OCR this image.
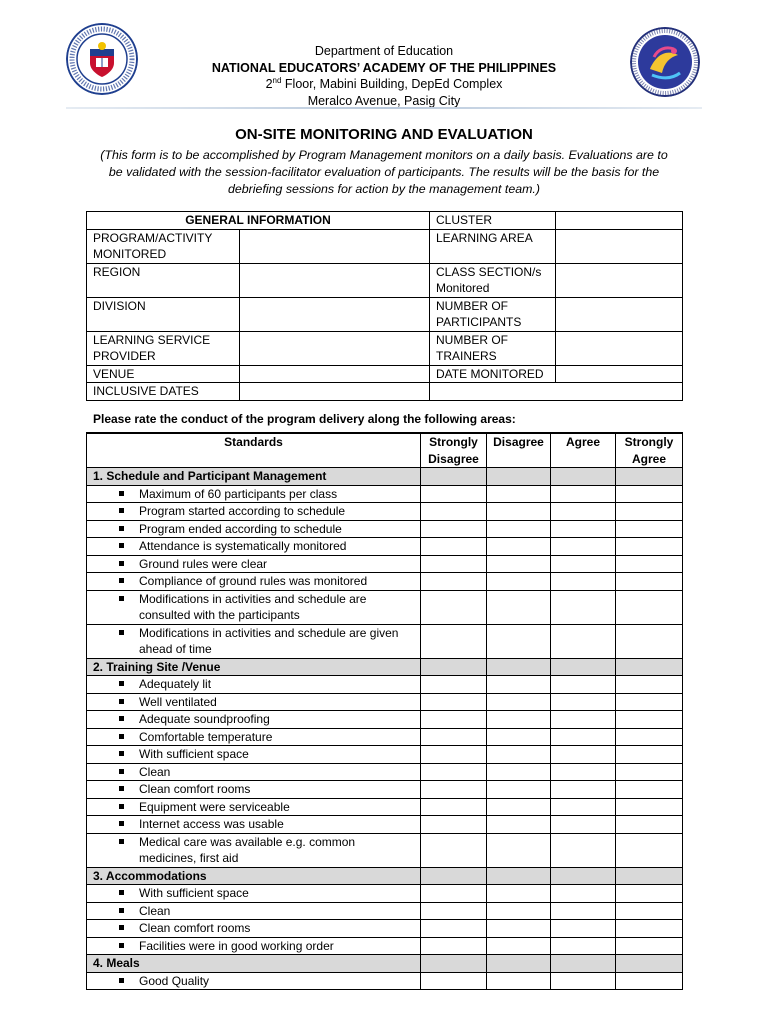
Department of Education
NATIONAL EDUCATORS’ ACADEMY OF THE PHILIPPINES
2nd Floor, Mabini Building, DepEd Complex
Meralco Avenue, Pasig City
ON-SITE MONITORING AND EVALUATION
(This form is to be accomplished by Program Management monitors on a daily basis. Evaluations are to be validated with the session-facilitator evaluation of participants. The results will be the basis for the debriefing sessions for action by the management team.)
GENERAL INFORMATION		CLUSTER	
PROGRAM/ACTIVITY MONITORED		LEARNING AREA	
REGION		CLASS SECTION/s Monitored	
DIVISION		NUMBER OF PARTICIPANTS	
LEARNING SERVICE PROVIDER		NUMBER OF TRAINERS	
VENUE		DATE MONITORED	
INCLUSIVE DATES			
Please rate the conduct of the program delivery along the following areas:
Standards	Strongly Disagree	Disagree	Agree	Strongly Agree
1. Schedule and Participant Management				

Maximum of 60 participants per class				

Program started according to schedule				

Program ended according to schedule				

Attendance is systematically monitored				

Ground rules were clear				

Compliance of ground rules was monitored				

Modifications in activities and schedule are consulted with the participants				

Modifications in activities and schedule are given ahead of time				
2. Training Site /Venue				

Adequately lit				

Well ventilated				

Adequate soundproofing				

Comfortable temperature				

With sufficient space				

Clean				

Clean comfort rooms				

Equipment were serviceable				

Internet access was usable				

Medical care was available e.g. common medicines, first aid				
3. Accommodations				

With sufficient space				

Clean				

Clean comfort rooms				

Facilities were in good working order				
4. Meals				

Good Quality				
